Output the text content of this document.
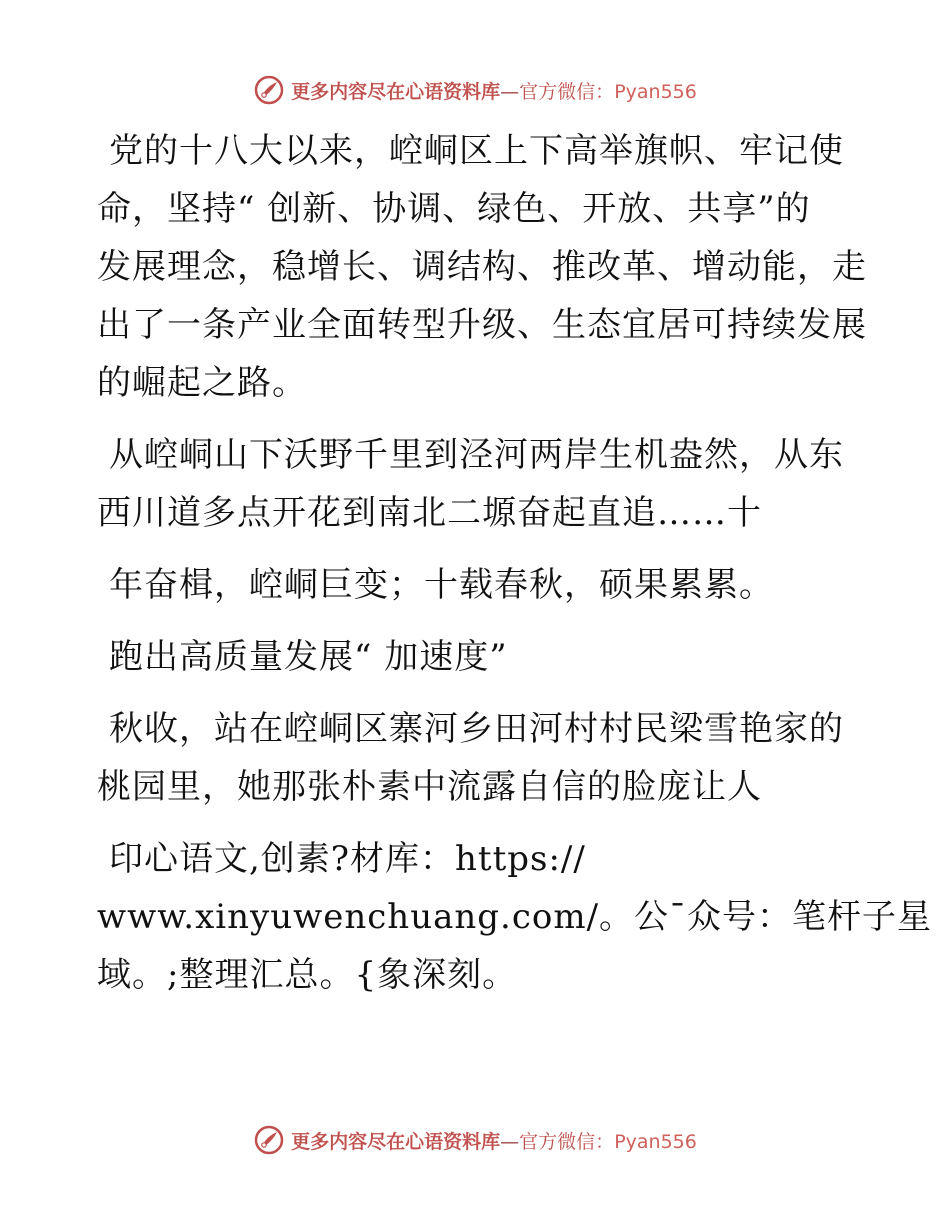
更多内容尽在心语资料库—官方微信：Pyan556

党的十八大以来，崆峒区上下高举旗帜、牢记使
命，坚持“ 创新、协调、绿色、开放、共享”的
发展理念，稳增长、调结构、推改革、增动能，走
出了一条产业全面转型升级、生态宜居可持续发展
的崛起之路。

从崆峒山下沃野千里到泾河两岸生机盎然，从东
西川道多点开花到南北二塬奋起直追……十

年奋楫，崆峒巨变；十载春秋，硕果累累。

跑出高质量发展“ 加速度”

秋收，站在崆峒区寨河乡田河村村民梁雪艳家的
桃园里，她那张朴素中流露自信的脸庞让人

印心语文,创素?材库：https://
www.xinyuwenchuang.com/。公¯众号：笔杆子星
域。;整理汇总。{象深刻。

更多内容尽在心语资料库—官方微信：Pyan556
